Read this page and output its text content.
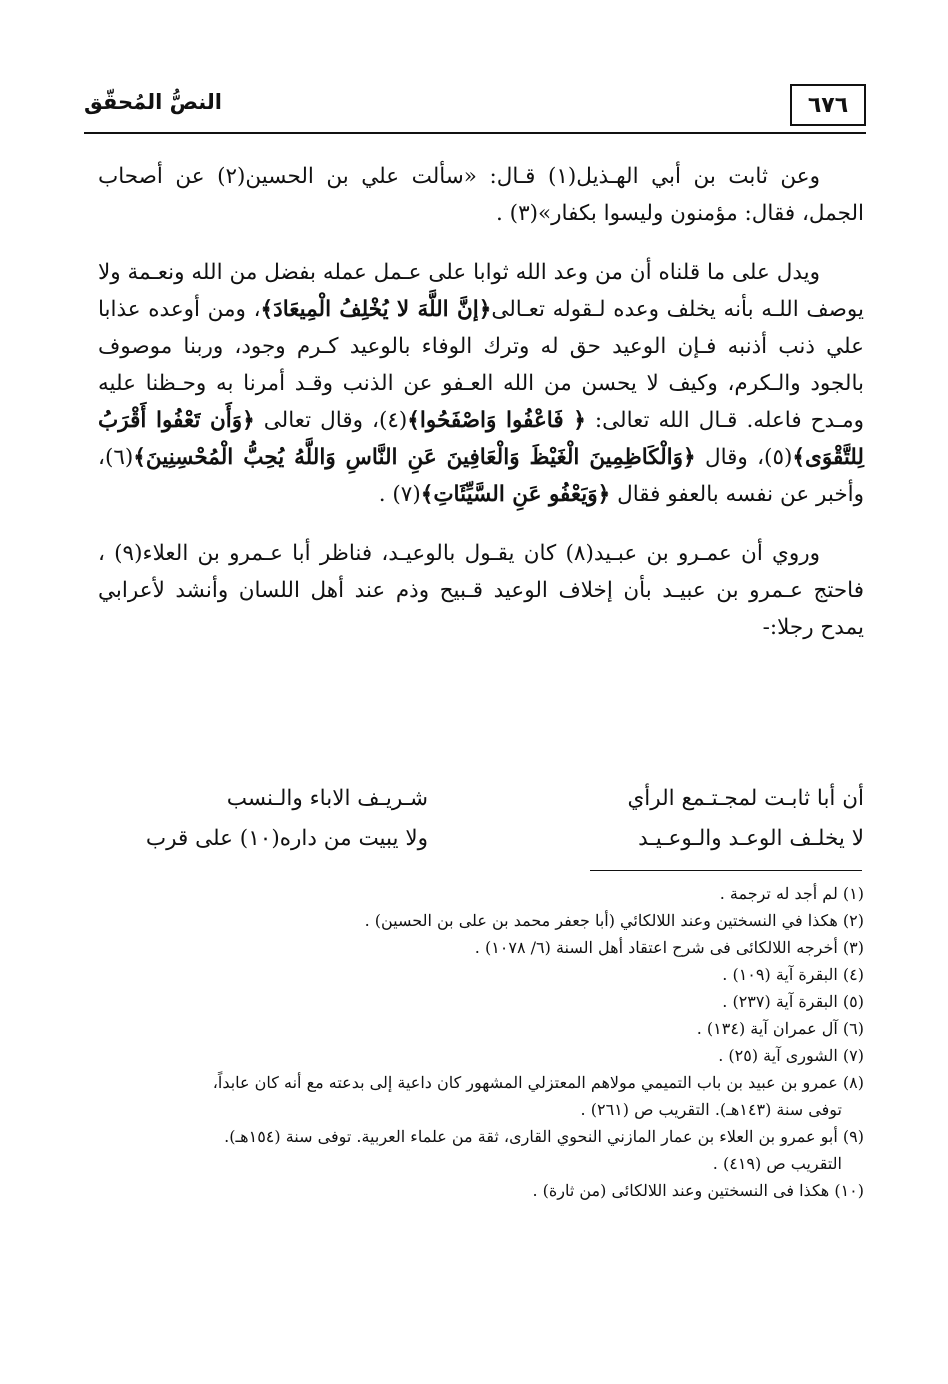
٦٧٦
النصُّ المُحقّق

وعن ثابت بن أبي الهـذيل(١) قـال: «سألت علي بن الحسين(٢) عن أصحاب الجمل، فقال: مؤمنون وليسوا بكفار»(٣) .

ويدل على ما قلناه أن من وعد الله ثوابا على عـمل عمله بفضل من الله ونعـمة ولا يوصف اللـه بأنه يخلف وعده لـقوله تعـالى﴿إنَّ اللَّهَ لا يُخْلِفُ الْمِيعَادَ﴾، ومن أوعده عذابا علي ذنب أذنبه فـإن الوعيد حق له وترك الوفاء بالوعيد كـرم وجود، وربنا موصوف بالجود والـكرم، وكيف لا يحسن من الله العـفو عن الذنب وقـد أمرنا به وحـظنا عليه ومـدح فاعله. قـال الله تعالى: ﴿ فَاعْفُوا وَاصْفَحُوا﴾(٤)، وقال تعالى ﴿وَأَن تَعْفُوا أَقْرَبُ لِلتَّقْوَى﴾(٥)، وقال ﴿وَالْكَاظِمِينَ الْغَيْظَ وَالْعَافِينَ عَنِ النَّاسِ وَاللَّهُ يُحِبُّ الْمُحْسِنِينَ﴾(٦)، وأخبر عن نفسه بالعفو فقال ﴿وَيَعْفُو عَنِ السَّيِّئَاتِ﴾(٧) .

وروي أن عمـرو بن عبـيد(٨) كان يقـول بالوعيـد، فناظر أبا عـمرو بن العلاء(٩) ، فاحتج عـمرو بن عبيـد بأن إخلاف الوعيد قـبيح وذم عند أهل اللسان وأنشد لأعرابي يمدح رجلا:-

أن أبا ثابـت لمجـتـمع الرأي
شـريـف الاباء والـنسب
لا يخلـف الوعـد والـوعـيـد
ولا يبيت من داره(١٠) على قرب

(١) لم أجد له ترجمة .

(٢) هكذا في النسختين وعند اللالكائي (أبا جعفر محمد بن على بن الحسين) .

(٣) أخرجه اللالكائى فى شرح اعتقاد أهل السنة (٦/ ١٠٧٨) .

(٤) البقرة آية (١٠٩) .

(٥) البقرة آية (٢٣٧) .

(٦) آل عمران آية (١٣٤) .

(٧) الشورى آية (٢٥) .

(٨) عمرو بن عبيد بن باب التميمي مولاهم المعتزلي المشهور كان داعية إلى بدعته مع أنه كان عابداً،

توفى سنة (١٤٣هـ). التقريب ص (٢٦١) .

(٩) أبو عمرو بن العلاء بن عمار المازني النحوي القارى، ثقة من علماء العربية. توفى سنة (١٥٤هـ).

التقريب ص (٤١٩) .

(١٠) هكذا فى النسختين وعند اللالكائى (من ثارة) .
